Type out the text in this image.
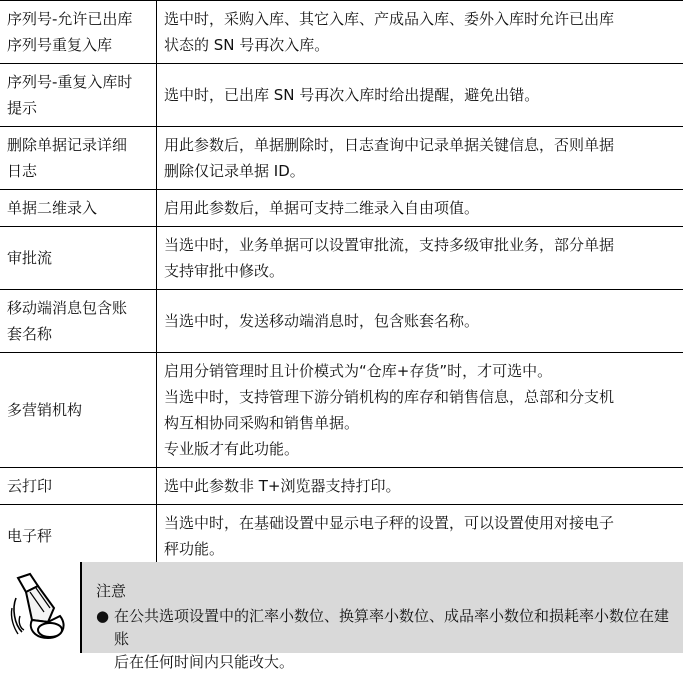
序列号-允许已出库
序列号重复入库	选中时，采购入库、其它入库、产成品入库、委外入库时允许已出库
状态的 SN 号再次入库。

序列号-重复入库时
提示	选中时，已出库 SN 号再次入库时给出提醒，避免出错。

删除单据记录详细
日志	用此参数后，单据删除时，日志查询中记录单据关键信息，否则单据
删除仅记录单据 ID。

单据二维录入	启用此参数后，单据可支持二维录入自由项值。

审批流	当选中时，业务单据可以设置审批流，支持多级审批业务，部分单据
支持审批中修改。

移动端消息包含账
套名称	当选中时，发送移动端消息时，包含账套名称。

多营销机构	启用分销管理时且计价模式为“仓库+存货”时，才可选中。
当选中时，支持管理下游分销机构的库存和销售信息，总部和分支机
构互相协同采购和销售单据。
专业版才有此功能。

云打印	选中此参数非 T+浏览器支持打印。

电子秤	当选中时，在基础设置中显示电子秤的设置，可以设置使用对接电子
秤功能。
注意
● 在公共选项设置中的汇率小数位、换算率小数位、成品率小数位和损耗率小数位在建账
后在任何时间内只能改大。
